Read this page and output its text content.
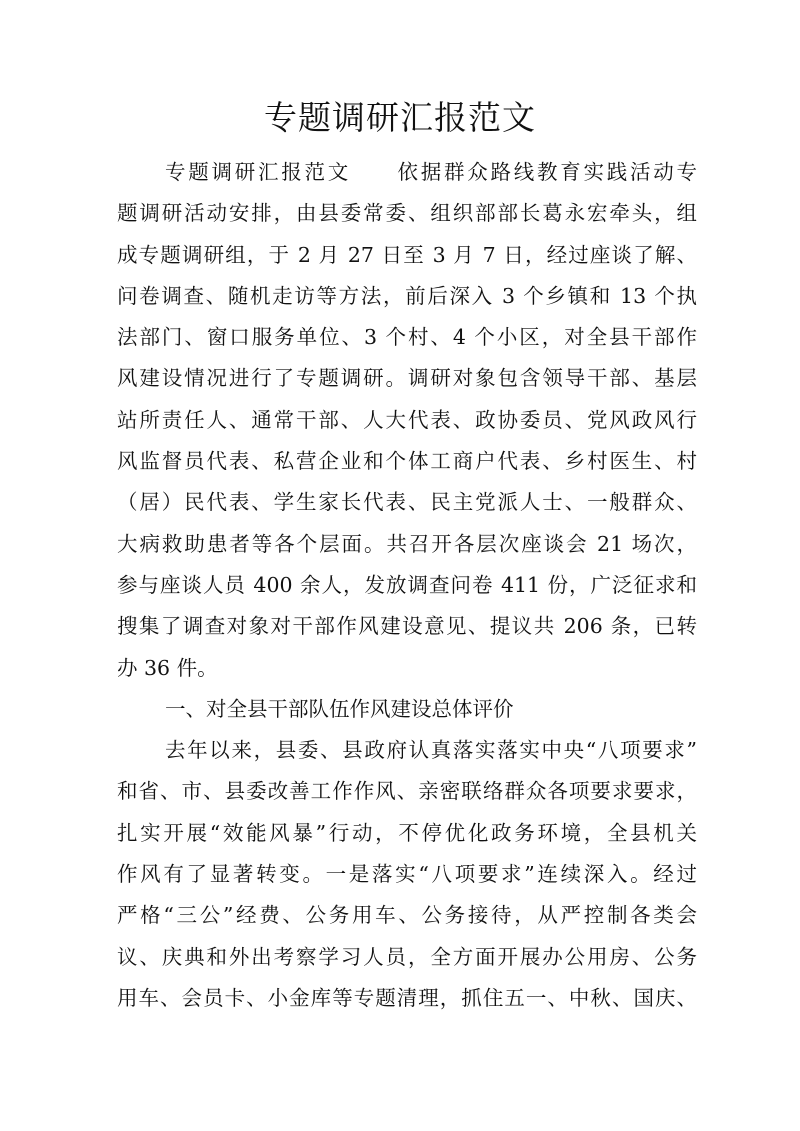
专题调研汇报范文
专题调研汇报范文　　依据群众路线教育实践活动专
题调研活动安排，由县委常委、组织部部长葛永宏牵头，组
成专题调研组，于 2 月 27 日至 3 月 7 日，经过座谈了解、
问卷调查、随机走访等方法，前后深入 3 个乡镇和 13 个执
法部门、窗口服务单位、3 个村、4 个小区，对全县干部作
风建设情况进行了专题调研。调研对象包含领导干部、基层
站所责任人、通常干部、人大代表、政协委员、党风政风行
风监督员代表、私营企业和个体工商户代表、乡村医生、村
（居）民代表、学生家长代表、民主党派人士、一般群众、
大病救助患者等各个层面。共召开各层次座谈会 21 场次，
参与座谈人员 400 余人，发放调查问卷 411 份，广泛征求和
搜集了调查对象对干部作风建设意见、提议共 206 条，已转
办 36 件。
一、对全县干部队伍作风建设总体评价
去年以来，县委、县政府认真落实落实中央“八项要求”
和省、市、县委改善工作作风、亲密联络群众各项要求要求，
扎实开展“效能风暴”行动，不停优化政务环境，全县机关
作风有了显著转变。一是落实“八项要求”连续深入。经过
严格“三公”经费、公务用车、公务接待，从严控制各类会
议、庆典和外出考察学习人员，全方面开展办公用房、公务
用车、会员卡、小金库等专题清理，抓住五一、中秋、国庆、
